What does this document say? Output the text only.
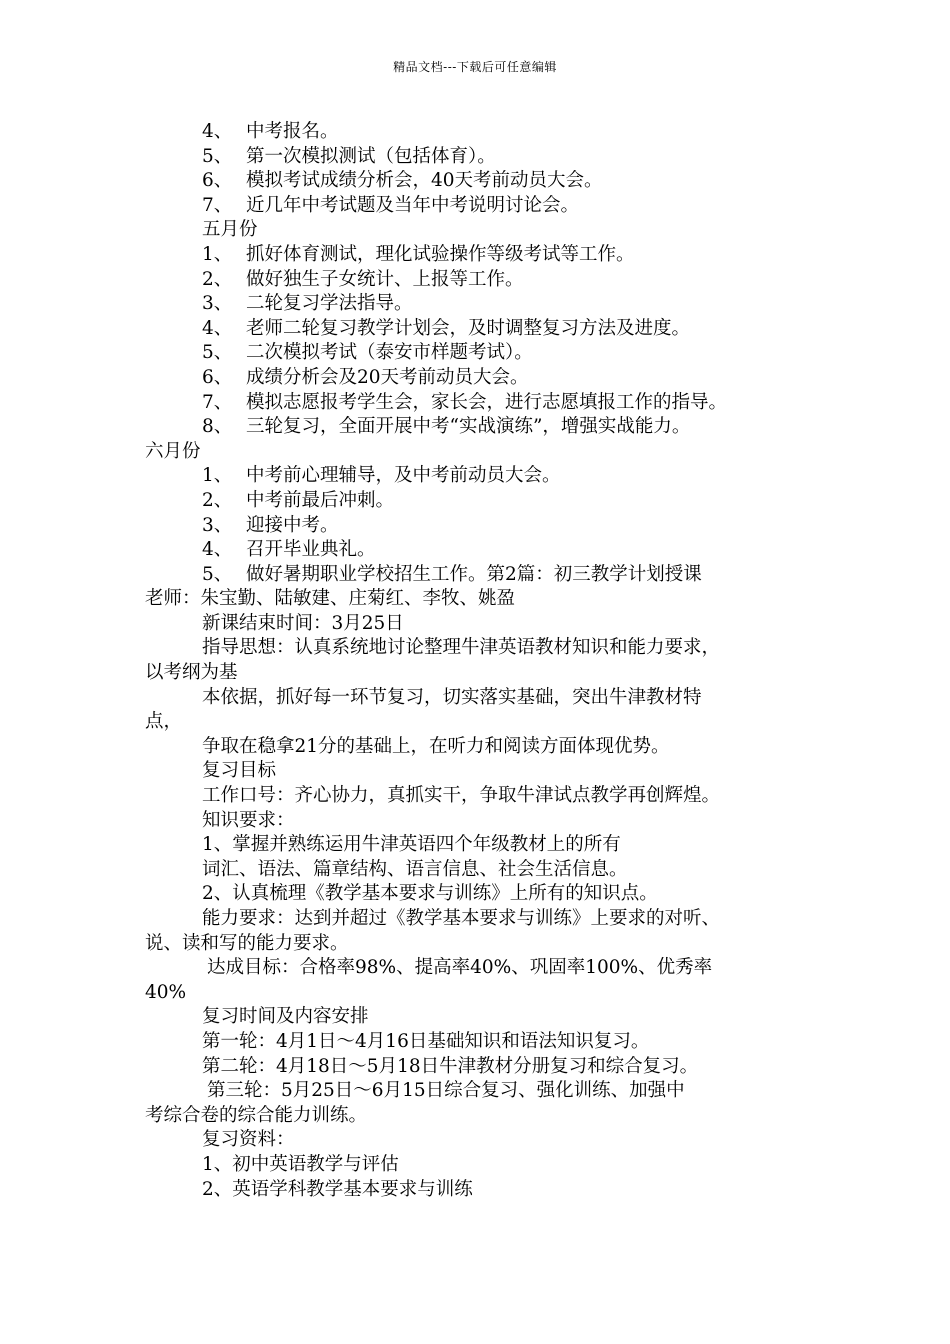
精品文档---下载后可任意编辑
4、 中考报名。
5、 第一次模拟测试（包括体育）。
6、 模拟考试成绩分析会，40天考前动员大会。
7、 近几年中考试题及当年中考说明讨论会。
五月份
1、 抓好体育测试，理化试验操作等级考试等工作。
2、 做好独生子女统计、上报等工作。
3、 二轮复习学法指导。
4、 老师二轮复习教学计划会，及时调整复习方法及进度。
5、 二次模拟考试（泰安市样题考试）。
6、 成绩分析会及20天考前动员大会。
7、 模拟志愿报考学生会，家长会，进行志愿填报工作的指导。
8、 三轮复习，全面开展中考“实战演练”，增强实战能力。
六月份
1、 中考前心理辅导，及中考前动员大会。
2、 中考前最后冲刺。
3、 迎接中考。
4、 召开毕业典礼。
5、 做好暑期职业学校招生工作。第2篇：初三教学计划授课
老师：朱宝勤、陆敏建、庄菊红、李牧、姚盈
新课结束时间：3月25日
指导思想：认真系统地讨论整理牛津英语教材知识和能力要求，
以考纲为基
本依据，抓好每一环节复习，切实落实基础，突出牛津教材特
点，
争取在稳拿21分的基础上，在听力和阅读方面体现优势。
复习目标
工作口号：齐心协力，真抓实干，争取牛津试点教学再创辉煌。
知识要求：
1、掌握并熟练运用牛津英语四个年级教材上的所有
词汇、语法、篇章结构、语言信息、社会生活信息。
2、认真梳理《教学基本要求与训练》上所有的知识点。
能力要求：达到并超过《教学基本要求与训练》上要求的对听、
说、读和写的能力要求。
达成目标：合格率98%、提高率40%、巩固率100%、优秀率
40%
复习时间及内容安排
第一轮：4月1日～4月16日基础知识和语法知识复习。
第二轮：4月18日～5月18日牛津教材分册复习和综合复习。
第三轮：5月25日～6月15日综合复习、强化训练、加强中
考综合卷的综合能力训练。
复习资料：
1、初中英语教学与评估
2、英语学科教学基本要求与训练
